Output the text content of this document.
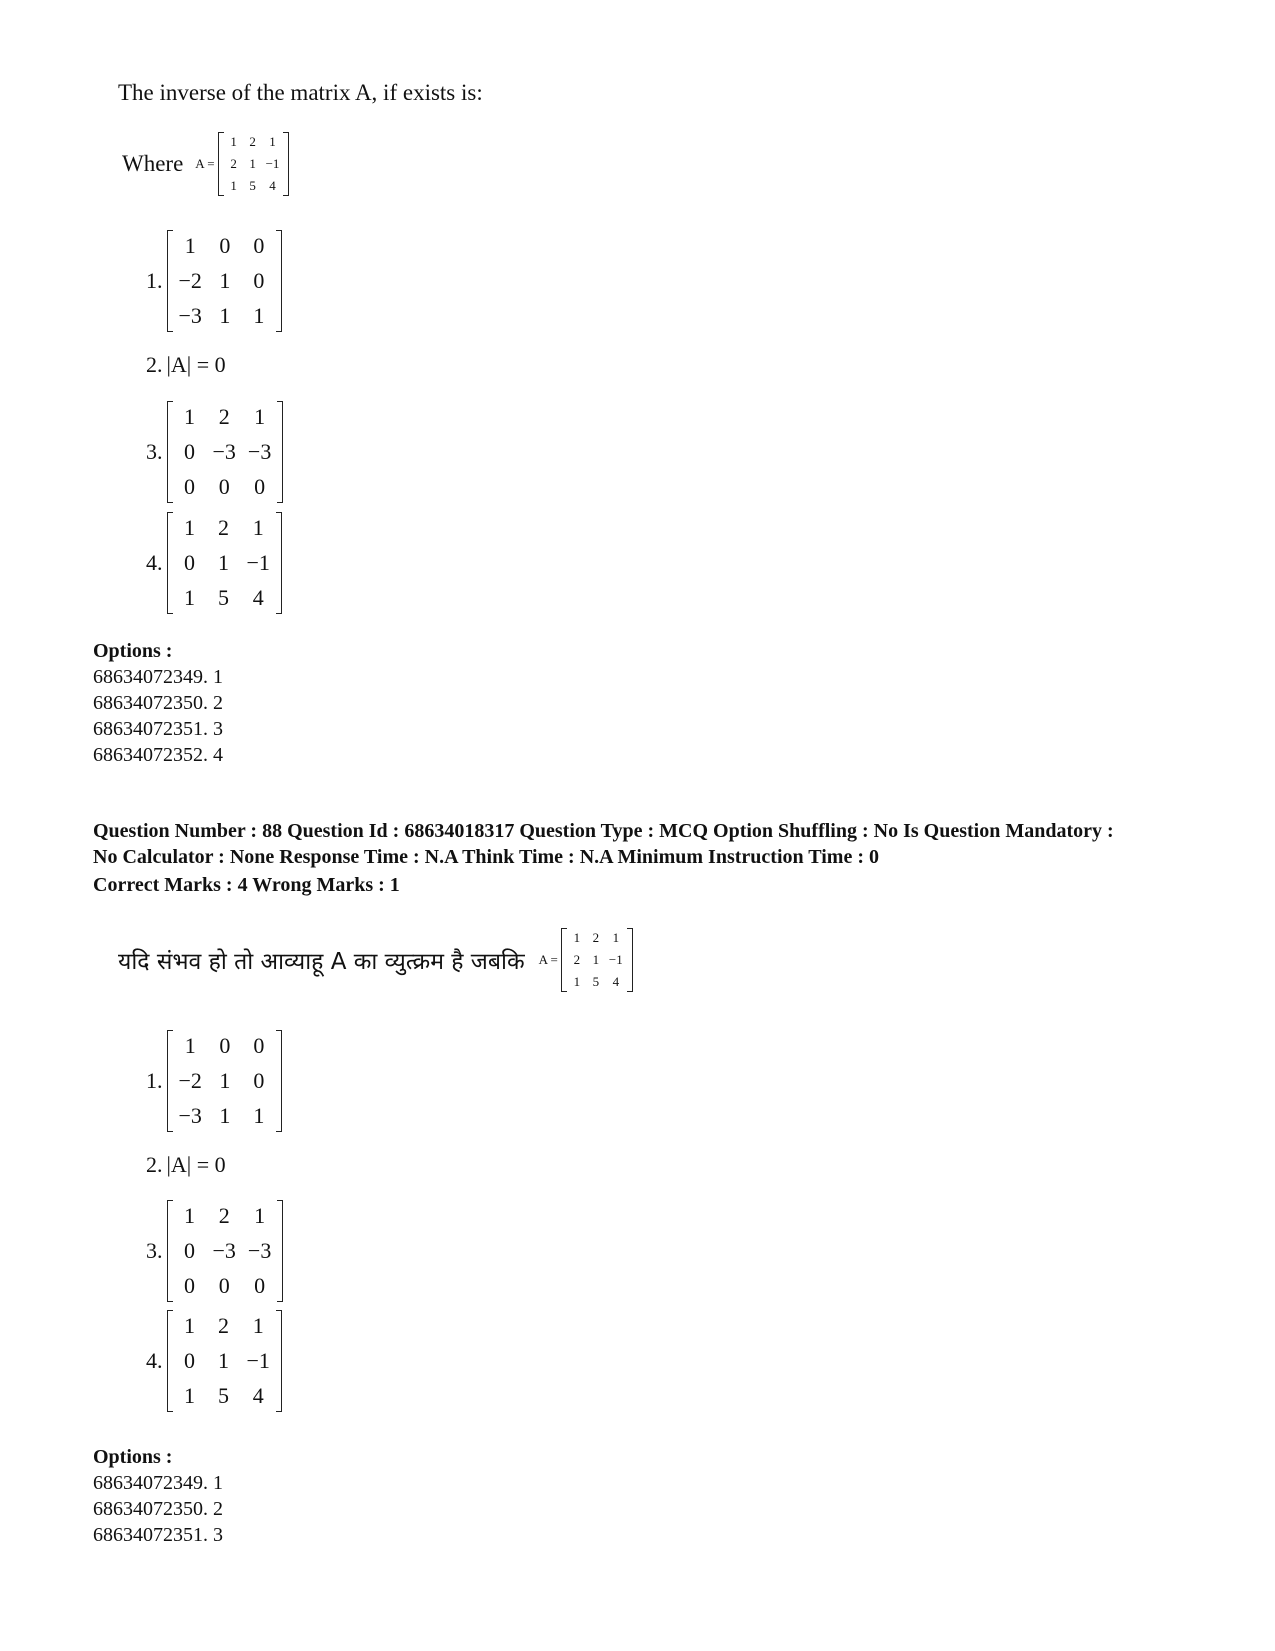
The inverse of the matrix A, if exists is:
Where A =
1 2 1
2 1 −1
1 5 4
1.
1 0 0
−2 1 0
−3 1 1
2. |A| = 0
3.
1 2 1
0 −3 −3
0 0 0
4.
1 2 1
0 1 −1
1 5 4
Options :
68634072349. 1
68634072350. 2
68634072351. 3
68634072352. 4
Question Number : 88 Question Id : 68634018317 Question Type : MCQ Option Shuffling : No Is Question Mandatory :
No Calculator : None Response Time : N.A Think Time : N.A Minimum Instruction Time : 0
Correct Marks : 4 Wrong Marks : 1
यदि संभव हो तो आव्याहू A का व्युत्क्रम है जबकि A =
1 2 1
2 1 −1
1 5 4
1.
1 0 0
−2 1 0
−3 1 1
2. |A| = 0
3.
1 2 1
0 −3 −3
0 0 0
4.
1 2 1
0 1 −1
1 5 4
Options :
68634072349. 1
68634072350. 2
68634072351. 3
